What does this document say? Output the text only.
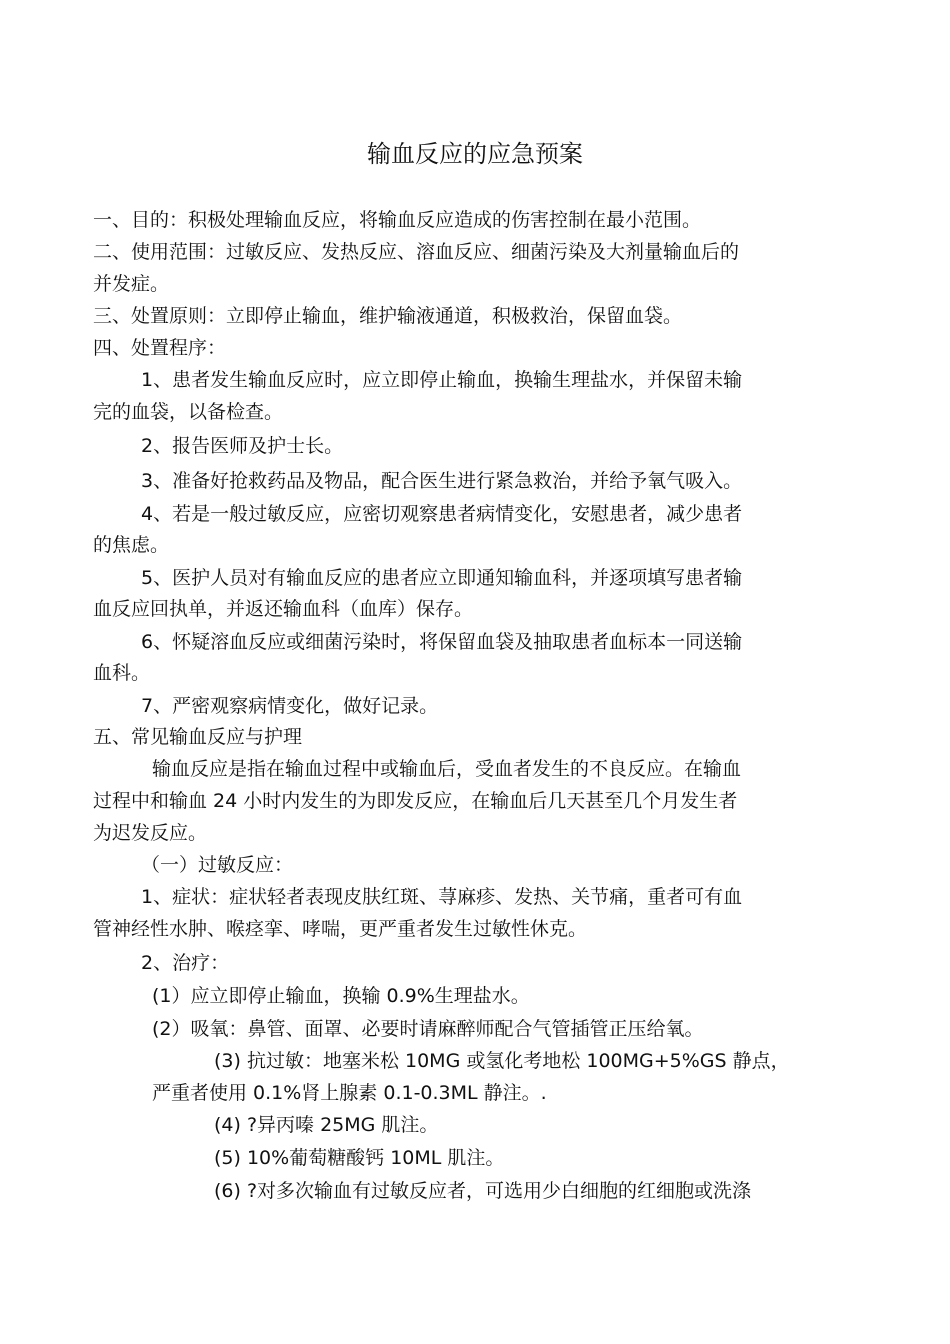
输血反应的应急预案
一、目的：积极处理输血反应，将输血反应造成的伤害控制在最小范围。
二、使用范围：过敏反应、发热反应、溶血反应、细菌污染及大剂量输血后的
并发症。
三、处置原则：立即停止输血，维护输液通道，积极救治，保留血袋。
四、处置程序：
1、患者发生输血反应时，应立即停止输血，换输生理盐水，并保留未输
完的血袋，以备检查。
2、报告医师及护士长。
3、准备好抢救药品及物品，配合医生进行紧急救治，并给予氧气吸入。
4、若是一般过敏反应，应密切观察患者病情变化，安慰患者，减少患者
的焦虑。
5、医护人员对有输血反应的患者应立即通知输血科，并逐项填写患者输
血反应回执单，并返还输血科（血库）保存。
6、怀疑溶血反应或细菌污染时，将保留血袋及抽取患者血标本一同送输
血科。
7、严密观察病情变化，做好记录。
五、常见输血反应与护理
输血反应是指在输血过程中或输血后，受血者发生的不良反应。在输血
过程中和输血 24 小时内发生的为即发反应，在输血后几天甚至几个月发生者
为迟发反应。
（一）过敏反应：
1、症状：症状轻者表现皮肤红斑、荨麻疹、发热、关节痛，重者可有血
管神经性水肿、喉痉挛、哮喘，更严重者发生过敏性休克。
2、治疗：
(1）应立即停止输血，换输 0.9%生理盐水。
(2）吸氧：鼻管、面罩、必要时请麻醉师配合气管插管正压给氧。
(3) 抗过敏：地塞米松 10MG 或氢化考地松 100MG+5%GS 静点，
严重者使用 0.1%肾上腺素 0.1-0.3ML 静注。.
(4) ?异丙嗪 25MG 肌注。
(5) 10%葡萄糖酸钙 10ML 肌注。
(6) ?对多次输血有过敏反应者，可选用少白细胞的红细胞或洗涤
